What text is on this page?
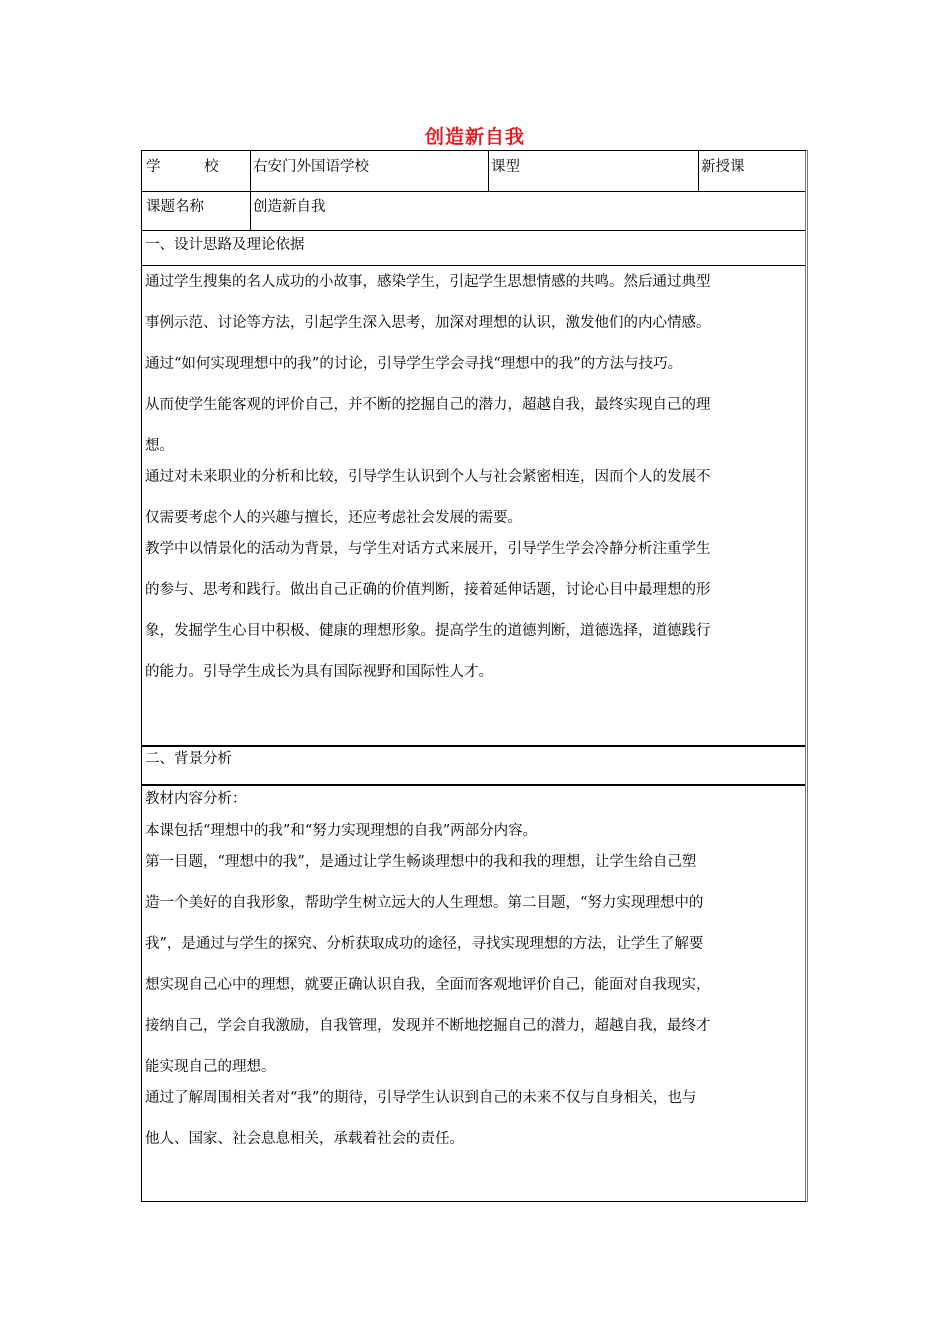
创造新自我
学　　　校 右安门外国语学校	课型	新授课
课题名称	创造新自我
一、设计思路及理论依据
通过学生搜集的名人成功的小故事，感染学生，引起学生思想情感的共鸣。然后通过典型
事例示范、讨论等方法，引起学生深入思考，加深对理想的认识，激发他们的内心情感。
通过“如何实现理想中的我”的讨论，引导学生学会寻找“理想中的我”的方法与技巧。
从而使学生能客观的评价自己，并不断的挖掘自己的潜力，超越自我，最终实现自己的理
想。
通过对未来职业的分析和比较，引导学生认识到个人与社会紧密相连，因而个人的发展不
仅需要考虑个人的兴趣与擅长，还应考虑社会发展的需要。
教学中以情景化的活动为背景，与学生对话方式来展开，引导学生学会冷静分析注重学生
的参与、思考和践行。做出自己正确的价值判断，接着延伸话题，讨论心目中最理想的形
象，发掘学生心目中积极、健康的理想形象。提高学生的道德判断，道德选择，道德践行
的能力。引导学生成长为具有国际视野和国际性人才。
二、背景分析
教材内容分析：
本课包括“理想中的我”和“努力实现理想的自我”两部分内容。
第一目题，“理想中的我”，是通过让学生畅谈理想中的我和我的理想，让学生给自己塑
造一个美好的自我形象，帮助学生树立远大的人生理想。第二目题，“努力实现理想中的
我”，是通过与学生的探究、分析获取成功的途径，寻找实现理想的方法，让学生了解要
想实现自己心中的理想，就要正确认识自我，全面而客观地评价自己，能面对自我现实，
接纳自己，学会自我激励，自我管理，发现并不断地挖掘自己的潜力，超越自我，最终才
能实现自己的理想。
通过了解周围相关者对“我”的期待，引导学生认识到自己的未来不仅与自身相关，也与
他人、国家、社会息息相关，承载着社会的责任。
